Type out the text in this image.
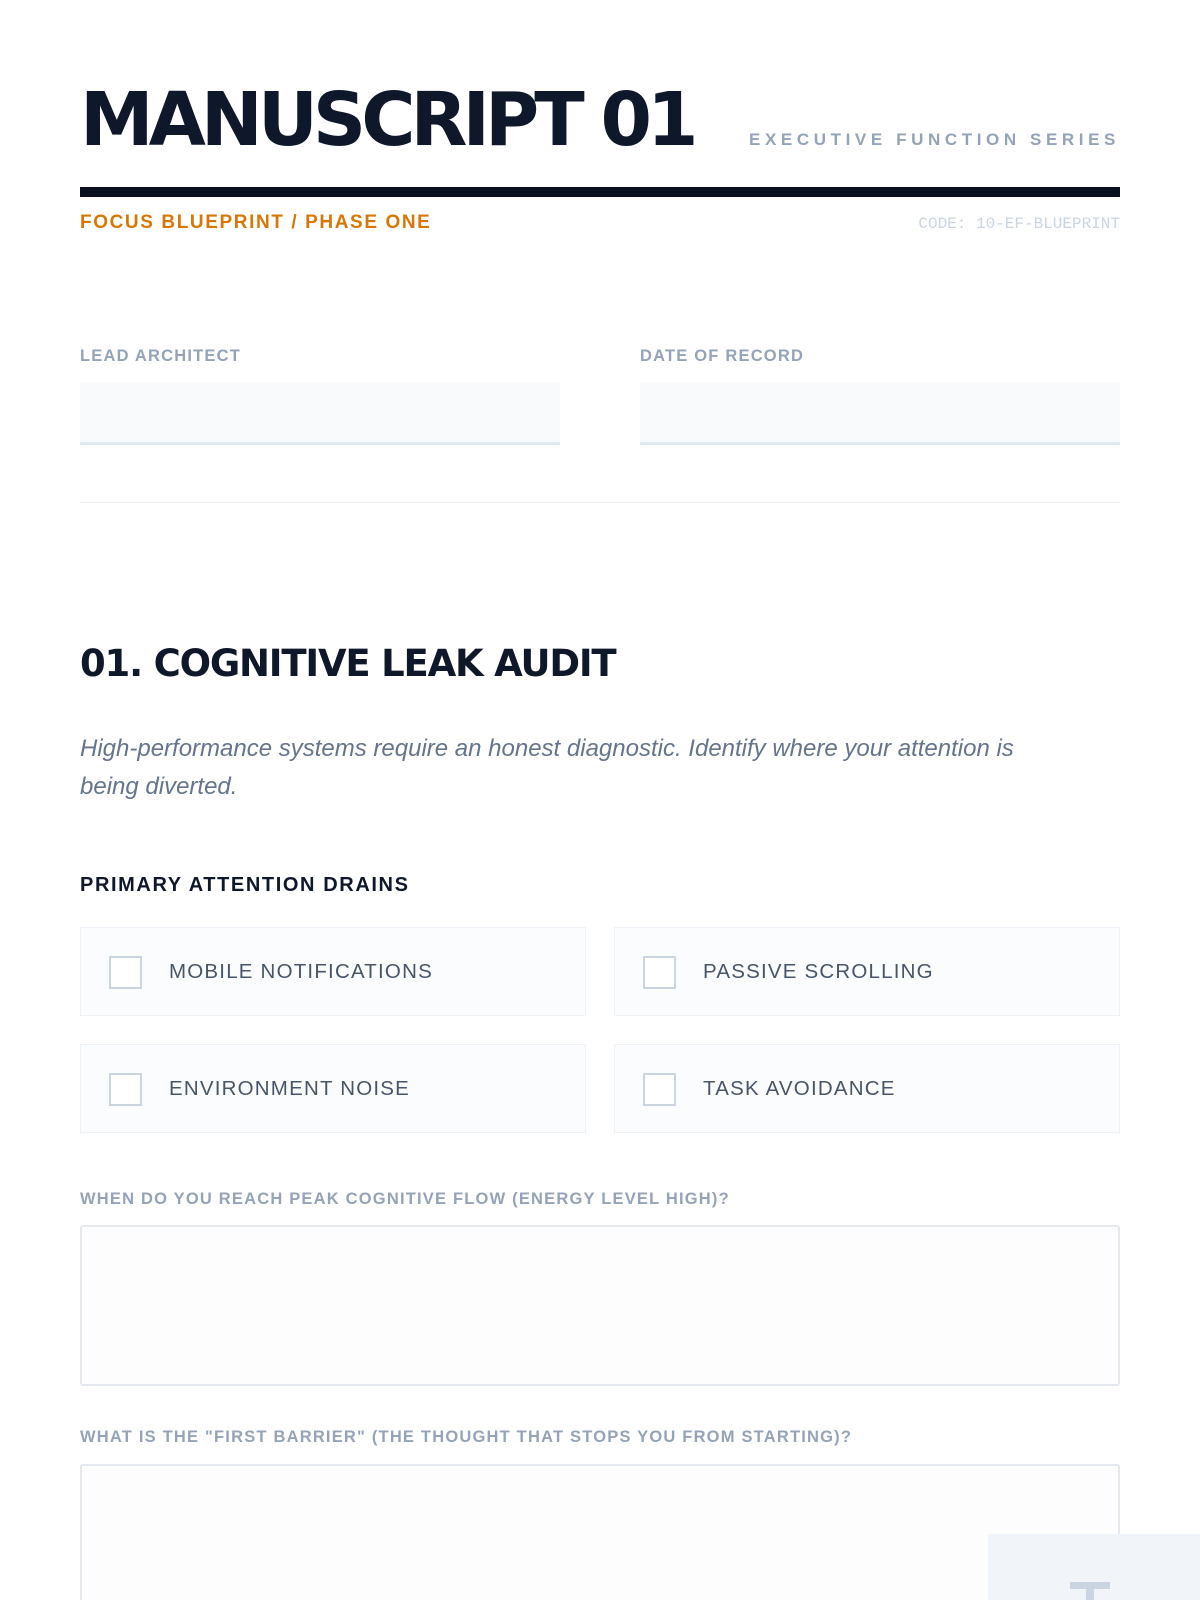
MANUSCRIPT 01	EXECUTIVE FUNCTION SERIES
FOCUS BLUEPRINT / PHASE ONE	CODE: 10-EF-BLUEPRINT
LEAD ARCHITECT	DATE OF RECORD
01. COGNITIVE LEAK AUDIT
High-performance systems require an honest diagnostic. Identify where your attention is being diverted.
PRIMARY ATTENTION DRAINS
MOBILE NOTIFICATIONS	PASSIVE SCROLLING
ENVIRONMENT NOISE	TASK AVOIDANCE
WHEN DO YOU REACH PEAK COGNITIVE FLOW (ENERGY LEVEL HIGH)?
WHAT IS THE "FIRST BARRIER" (THE THOUGHT THAT STOPS YOU FROM STARTING)?
